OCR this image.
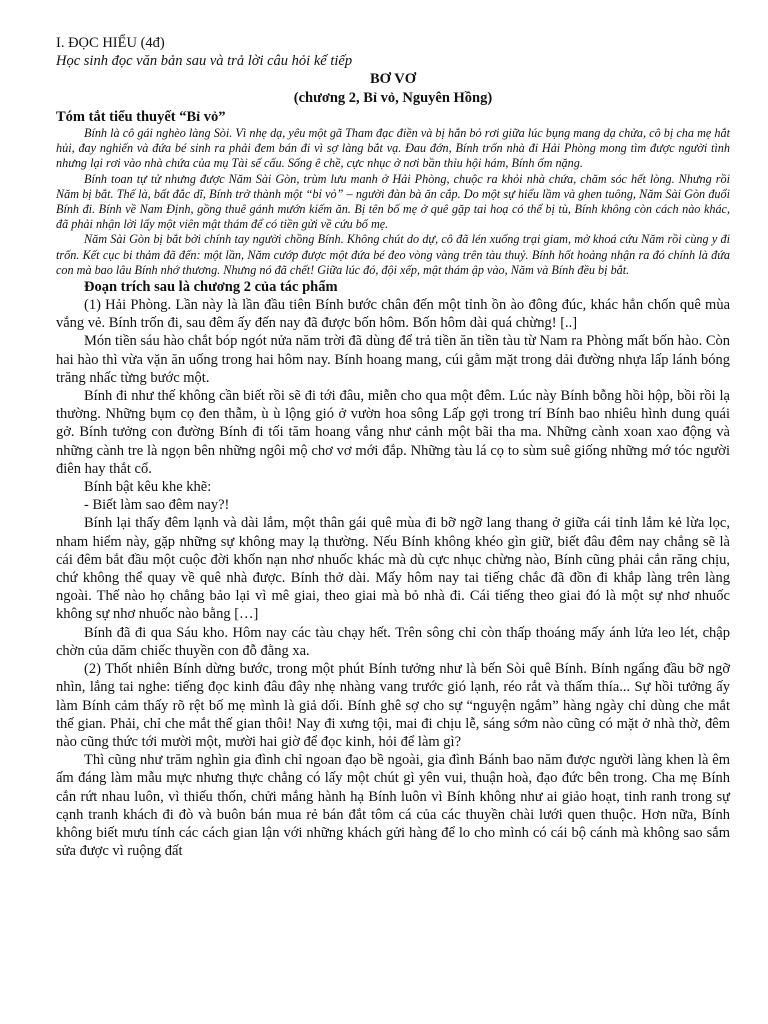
I. ĐỌC HIỂU (4đ)

Học sinh đọc văn bản sau và trả lời câu hỏi kế tiếp

BƠ VƠ

(chương 2, Bỉ vỏ, Nguyên Hồng)

Tóm tắt tiểu thuyết “Bỉ vỏ”

Bính là cô gái nghèo làng Sòi. Vì nhẹ dạ, yêu một gã Tham đạc điền và bị hắn bỏ rơi giữa lúc bụng mang dạ chửa, cô bị cha mẹ hắt hủi, đay nghiến và đứa bé sinh ra phải đem bán đi vì sợ làng bắt vạ. Đau đớn, Bính trốn nhà đi Hải Phòng mong tìm được người tình nhưng lại rơi vào nhà chứa của mụ Tài sế cấu. Sống ê chề, cực nhục ở nơi bần thỉu hội hám, Bính ốm nặng.

Bính toan tự tử nhưng được Năm Sài Gòn, trùm lưu manh ở Hải Phòng, chuộc ra khỏi nhà chứa, chăm sóc hết lòng. Nhưng rồi Năm bị bắt. Thế là, bất đắc dĩ, Bính trở thành một “bỉ vỏ” – người đàn bà ăn cắp. Do một sự hiểu lầm và ghen tuông, Năm Sài Gòn đuổi Bính đi. Bính về Nam Định, gồng thuê gánh mướn kiếm ăn. Bị tên bố mẹ ở quê gặp tai hoạ có thể bị tù, Bính không còn cách nào khác, đã phải nhận lời lấy một viên mật thám để có tiền gửi về cứu bố mẹ.

Năm Sài Gòn bị bắt bởi chính tay người chồng Bính. Không chút do dự, cô đã lén xuống trại giam, mở khoá cứu Năm rồi cùng y đi trốn. Kết cục bi thảm đã đến: một lần, Năm cướp được một đứa bé đeo vòng vàng trên tàu thuỷ. Bính hốt hoảng nhận ra đó chính là đứa con mà bao lâu Bính nhớ thương. Nhưng nó đã chết! Giữa lúc đó, đội xếp, mật thám ập vào, Năm và Bính đều bị bắt.

Đoạn trích sau là chương 2 của tác phẩm

(1) Hải Phòng. Lần này là lần đầu tiên Bính bước chân đến một tỉnh ồn ào đông đúc, khác hẳn chốn quê mùa vắng vẻ. Bính trốn đi, sau đêm ấy đến nay đã được bốn hôm. Bốn hôm dài quá chừng! [..]

Món tiền sáu hào chắt bóp ngót nửa năm trời đã dùng để trả tiền ăn tiền tàu từ Nam ra Phòng mất bốn hào. Còn hai hào thì vừa vặn ăn uống trong hai hôm nay. Bính hoang mang, cúi gằm mặt trong dải đường nhựa lấp lánh bóng trăng nhấc từng bước một.

Bính đi như thế không cần biết rồi sẽ đi tới đâu, miễn cho qua một đêm. Lúc này Bính bỗng hồi hộp, bồi rồi lạ thường. Những bụm cọ đen thẫm, ù ù lộng gió ở vườn hoa sông Lấp gợi trong trí Bính bao nhiêu hình dung quái gở. Bính tưởng con đường Bính đi tối tăm hoang vắng như cảnh một bãi tha ma. Những cành xoan xao động và những cành tre là ngọn bên những ngôi mộ chơ vơ mới đắp. Những tàu lá cọ to sùm suê giống những mớ tóc người điên hay thắt cổ.

Bính bật kêu khe khẽ:

- Biết làm sao đêm nay?!

Bính lại thấy đêm lạnh và dài lắm, một thân gái quê mùa đi bỡ ngỡ lang thang ở giữa cái tỉnh lắm kẻ lừa lọc, nham hiểm này, gặp những sự không may lạ thường. Nếu Bính không khéo gìn giữ, biết đâu đêm nay chẳng sẽ là cái đêm bắt đầu một cuộc đời khốn nạn nhơ nhuốc khác mà dù cực nhục chừng nào, Bính cũng phải cắn răng chịu, chứ không thể quay về quê nhà được. Bính thở dài. Mấy hôm nay tai tiếng chắc đã đồn đi khắp làng trên làng ngoài. Thế nào họ chẳng bảo lại vì mê giai, theo giai mà bỏ nhà đi. Cái tiếng theo giai đó là một sự nhơ nhuốc không sự nhơ nhuốc nào bằng […]

Bính đã đi qua Sáu kho. Hôm nay các tàu chạy hết. Trên sông chỉ còn thấp thoáng mấy ánh lửa leo lét, chập chờn của dăm chiếc thuyền con đỗ đằng xa.

(2) Thốt nhiên Bính dừng bước, trong một phút Bính tưởng như là bến Sòi quê Bính. Bính ngẩng đầu bỡ ngỡ nhìn, lắng tai nghe: tiếng đọc kinh đâu đây nhẹ nhàng vang trước gió lạnh, réo rắt và thấm thía... Sự hồi tưởng ấy làm Bính cảm thấy rõ rệt bố mẹ mình là giả dối. Bính ghê sợ cho sự “nguyện ngắm” hàng ngày chỉ dùng che mắt thế gian. Phải, chỉ che mắt thế gian thôi! Nay đi xưng tội, mai đi chịu lễ, sáng sớm nào cũng có mặt ở nhà thờ, đêm nào cũng thức tới mười một, mười hai giờ để đọc kinh, hỏi để làm gì?

Thì cũng như trăm nghìn gia đình chỉ ngoan đạo bề ngoài, gia đình Bánh bao năm được người làng khen là êm ấm đáng làm mẫu mực nhưng thực chẳng có lấy một chút gì yên vui, thuận hoà, đạo đức bên trong. Cha mẹ Bính cắn rứt nhau luôn, vì thiếu thốn, chửi mắng hành hạ Bính luôn vì Bính không như ai giảo hoạt, tinh ranh trong sự cạnh tranh khách đi đò và buôn bán mua rẻ bán đắt tôm cá của các thuyền chài lưới quen thuộc. Hơn nữa, Bính không biết mưu tính các cách gian lận với những khách gửi hàng để lo cho mình có cái bộ cánh mà không sao sắm sửa được vì ruộng đất
